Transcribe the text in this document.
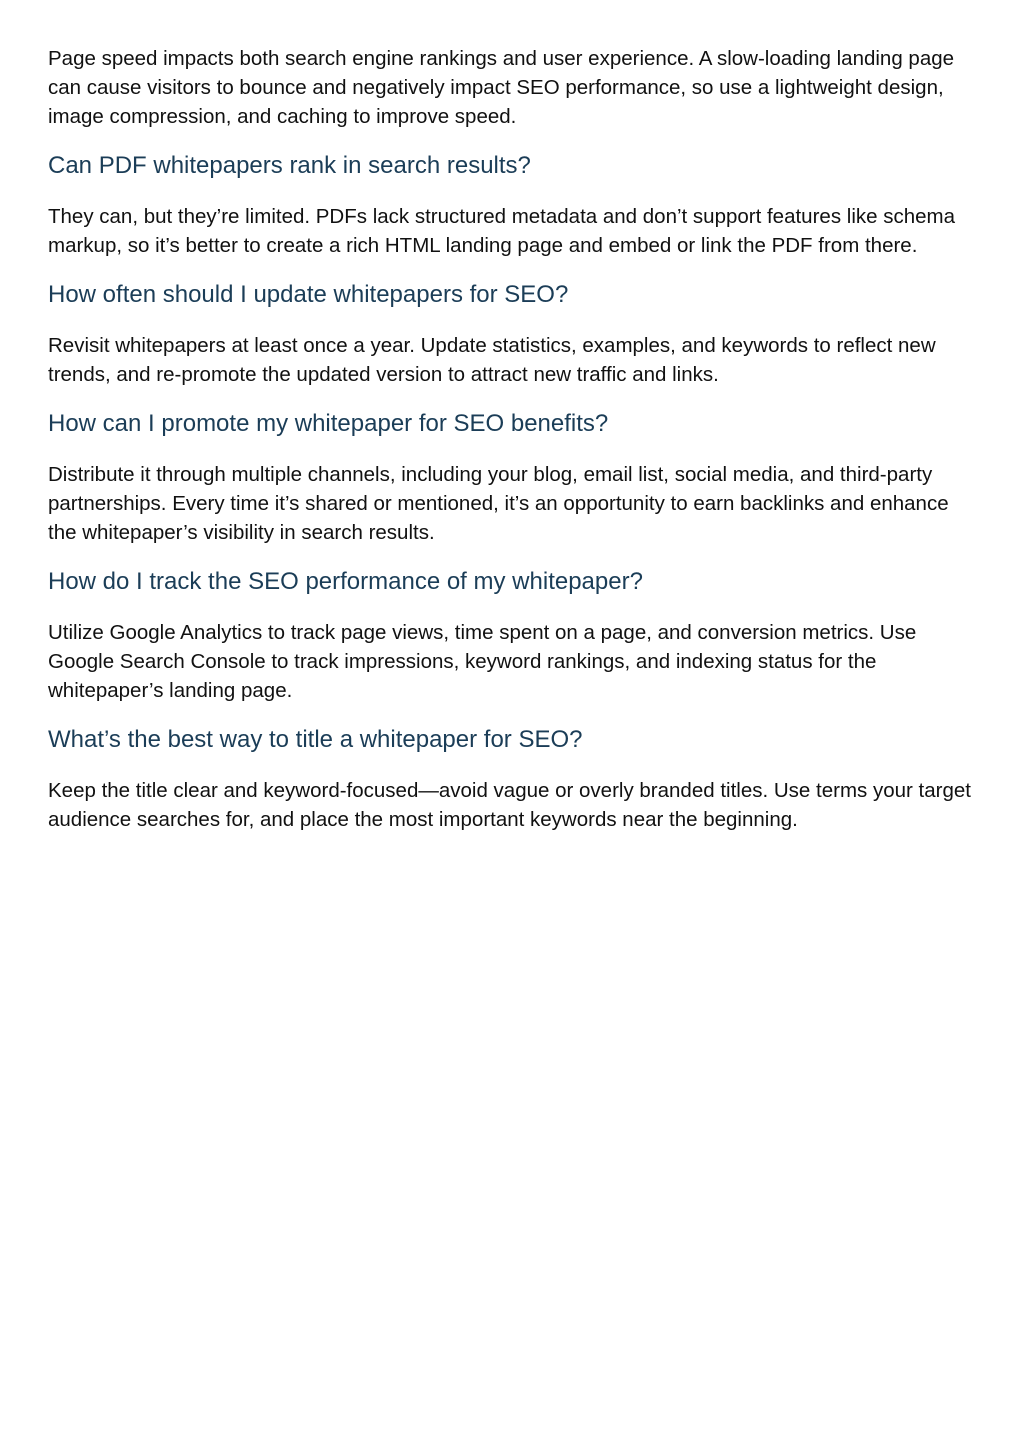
Page speed impacts both search engine rankings and user experience. A slow-loading landing page can cause visitors to bounce and negatively impact SEO performance, so use a lightweight design, image compression, and caching to improve speed.

Can PDF whitepapers rank in search results?

They can, but they’re limited. PDFs lack structured metadata and don’t support features like schema markup, so it’s better to create a rich HTML landing page and embed or link the PDF from there.

How often should I update whitepapers for SEO?

Revisit whitepapers at least once a year. Update statistics, examples, and keywords to reflect new trends, and re-promote the updated version to attract new traffic and links.

How can I promote my whitepaper for SEO benefits?

Distribute it through multiple channels, including your blog, email list, social media, and third-party partnerships. Every time it’s shared or mentioned, it’s an opportunity to earn backlinks and enhance the whitepaper’s visibility in search results.

How do I track the SEO performance of my whitepaper?

Utilize Google Analytics to track page views, time spent on a page, and conversion metrics. Use Google Search Console to track impressions, keyword rankings, and indexing status for the whitepaper’s landing page.

What’s the best way to title a whitepaper for SEO?

Keep the title clear and keyword-focused—avoid vague or overly branded titles. Use terms your target audience searches for, and place the most important keywords near the beginning.
